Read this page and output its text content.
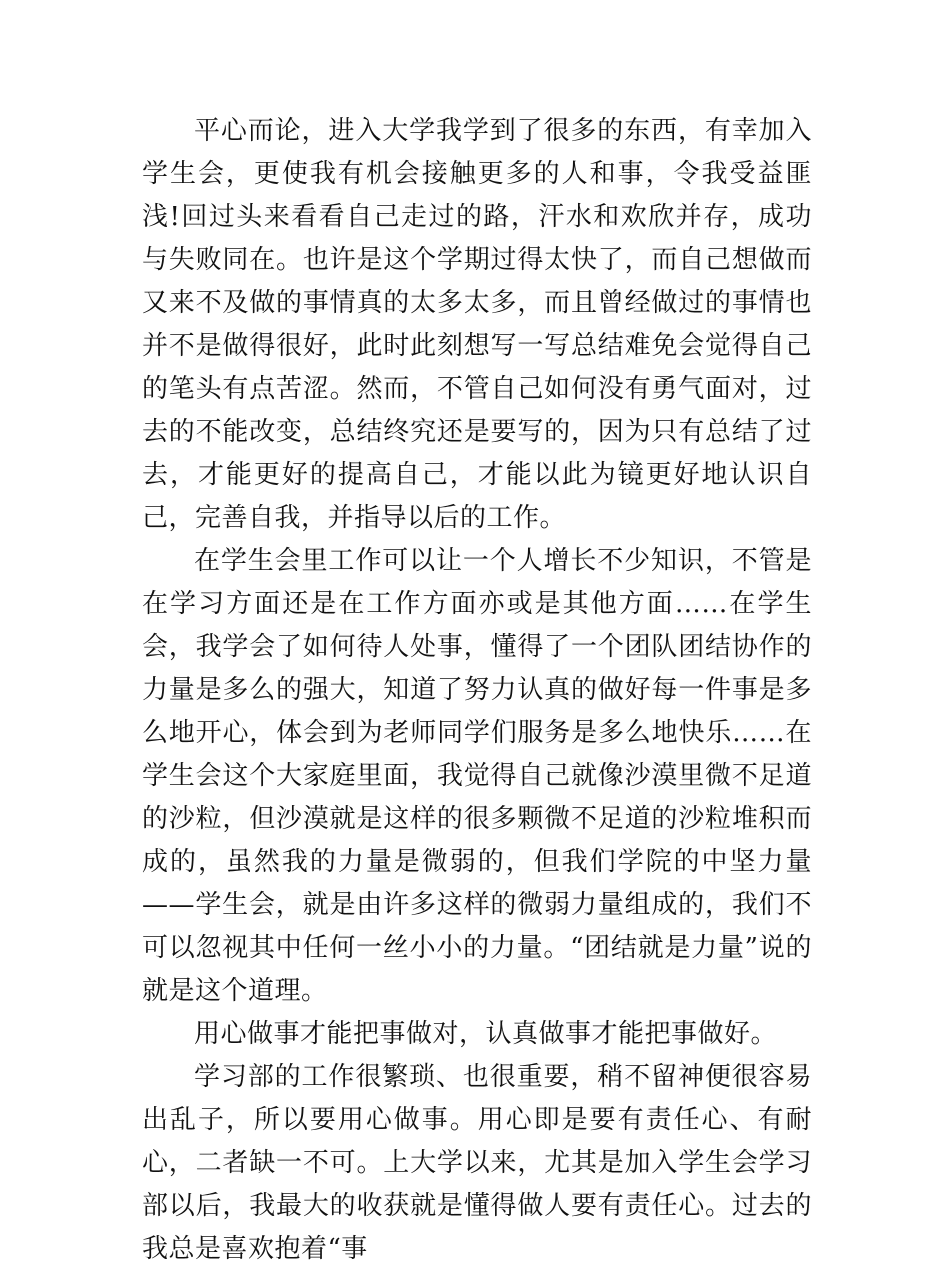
平心而论，进入大学我学到了很多的东西，有幸加入学生会，更使我有机会接触更多的人和事，令我受益匪浅!回过头来看看自己走过的路，汗水和欢欣并存，成功与失败同在。也许是这个学期过得太快了，而自己想做而又来不及做的事情真的太多太多，而且曾经做过的事情也并不是做得很好，此时此刻想写一写总结难免会觉得自己的笔头有点苦涩。然而，不管自己如何没有勇气面对，过去的不能改变，总结终究还是要写的，因为只有总结了过去，才能更好的提高自己，才能以此为镜更好地认识自己，完善自我，并指导以后的工作。

在学生会里工作可以让一个人增长不少知识，不管是在学习方面还是在工作方面亦或是其他方面……在学生会，我学会了如何待人处事，懂得了一个团队团结协作的力量是多么的强大，知道了努力认真的做好每一件事是多么地开心，体会到为老师同学们服务是多么地快乐……在学生会这个大家庭里面，我觉得自己就像沙漠里微不足道的沙粒，但沙漠就是这样的很多颗微不足道的沙粒堆积而成的，虽然我的力量是微弱的，但我们学院的中坚力量——学生会，就是由许多这样的微弱力量组成的，我们不可以忽视其中任何一丝小小的力量。“团结就是力量”说的就是这个道理。

用心做事才能把事做对，认真做事才能把事做好。

学习部的工作很繁琐、也很重要，稍不留神便很容易出乱子，所以要用心做事。用心即是要有责任心、有耐心，二者缺一不可。上大学以来，尤其是加入学生会学习部以后，我最大的收获就是懂得做人要有责任心。过去的我总是喜欢抱着“事
